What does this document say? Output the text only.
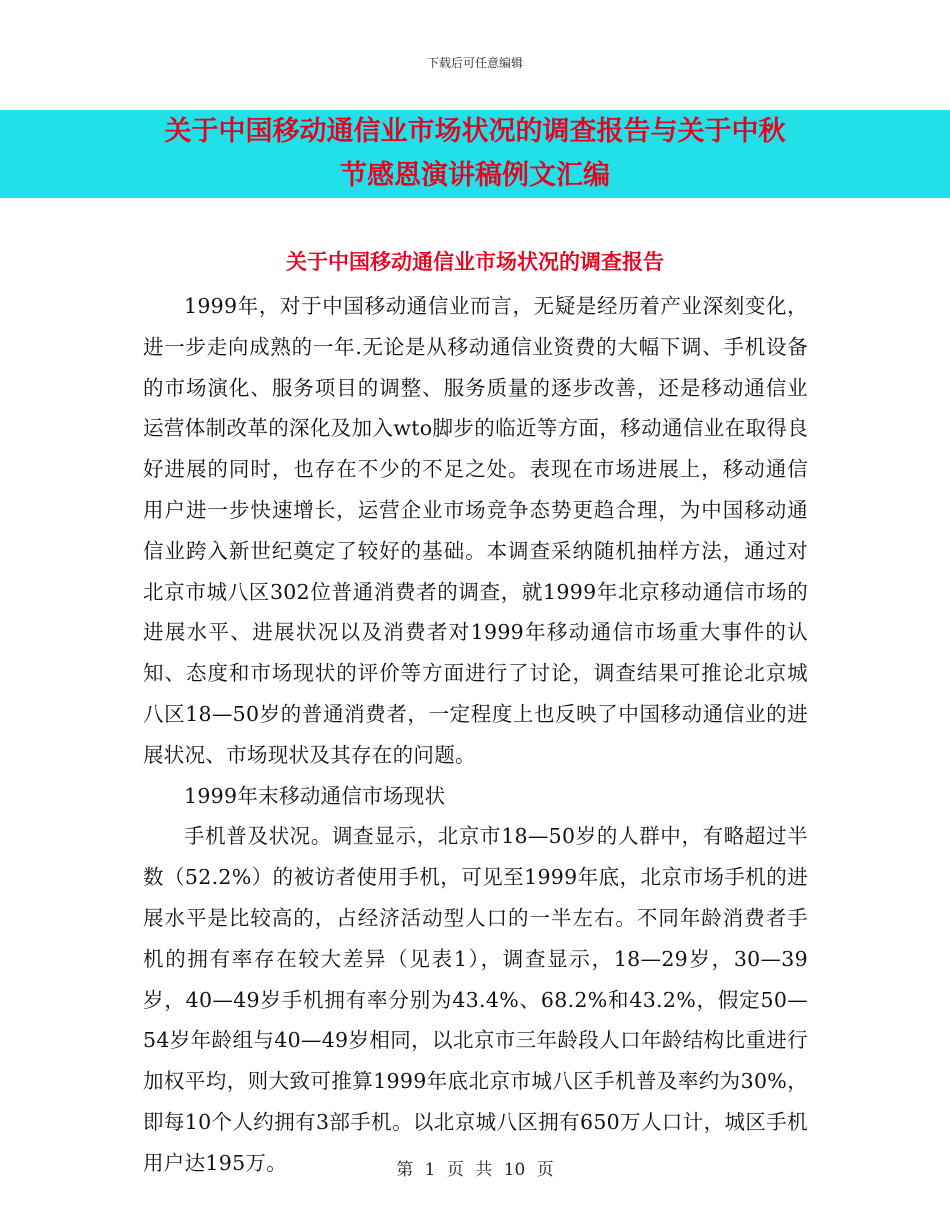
下载后可任意编辑
关于中国移动通信业市场状况的调查报告与关于中秋
节感恩演讲稿例文汇编
关于中国移动通信业市场状况的调查报告

1999年，对于中国移动通信业而言，无疑是经历着产业深刻变化，进一步走向成熟的一年.无论是从移动通信业资费的大幅下调、手机设备的市场演化、服务项目的调整、服务质量的逐步改善，还是移动通信业运营体制改革的深化及加入wto脚步的临近等方面，移动通信业在取得良好进展的同时，也存在不少的不足之处。表现在市场进展上，移动通信用户进一步快速增长，运营企业市场竞争态势更趋合理，为中国移动通信业跨入新世纪奠定了较好的基础。本调查采纳随机抽样方法，通过对北京市城八区302位普通消费者的调查，就1999年北京移动通信市场的进展水平、进展状况以及消费者对1999年移动通信市场重大事件的认知、态度和市场现状的评价等方面进行了讨论，调查结果可推论北京城八区18—50岁的普通消费者，一定程度上也反映了中国移动通信业的进展状况、市场现状及其存在的问题。

1999年末移动通信市场现状

手机普及状况。调查显示，北京市18—50岁的人群中，有略超过半数（52.2%）的被访者使用手机，可见至1999年底，北京市场手机的进展水平是比较高的，占经济活动型人口的一半左右。不同年龄消费者手机的拥有率存在较大差异（见表1），调查显示，18—29岁，30—39岁，40—49岁手机拥有率分别为43.4%、68.2%和43.2%，假定50—54岁年龄组与40—49岁相同，以北京市三年龄段人口年龄结构比重进行加权平均，则大致可推算1999年底北京市城八区手机普及率约为30%，即每10个人约拥有3部手机。以北京城八区拥有650万人口计，城区手机用户达195万。	第 1 页 共 10 页
